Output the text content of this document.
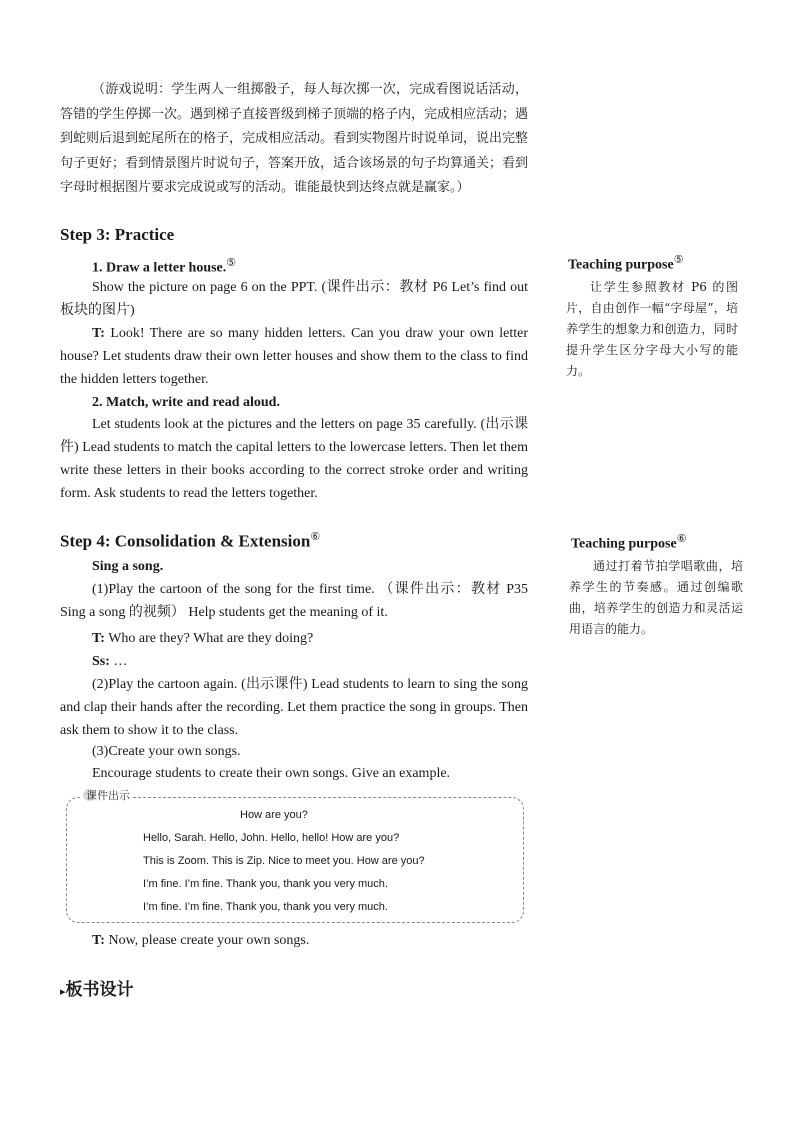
（游戏说明：学生两人一组掷骰子，每人每次掷一次，完成看图说话活动，答错的学生停掷一次。遇到梯子直接晋级到梯子顶端的格子内，完成相应活动；遇到蛇则后退到蛇尾所在的格子，完成相应活动。看到实物图片时说单词，说出完整句子更好；看到情景图片时说句子，答案开放，适合该场景的句子均算通关；看到字母时根据图片要求完成说或写的活动。谁能最快到达终点就是赢家。）
Step 3: Practice
1. Draw a letter house.⑤
Show the picture on page 6 on the PPT. (课件出示：教材 P6 Let’s find out 板块的图片)
T: Look! There are so many hidden letters. Can you draw your own letter house? Let students draw their own letter houses and show them to the class to find the hidden letters together.
2. Match, write and read aloud.
Let students look at the pictures and the letters on page 35 carefully. (出示课件) Lead students to match the capital letters to the lowercase letters. Then let them write these letters in their books according to the correct stroke order and writing form. Ask students to read the letters together.
Teaching purpose⑤
让学生参照教材 P6 的图片，自由创作一幅“字母屋”，培养学生的想象力和创造力，同时提升学生区分字母大小写的能力。
Step 4: Consolidation & Extension⑥
Sing a song.
(1)Play the cartoon of the song for the first time. （课件出示：教材 P35 Sing a song 的视频） Help students get the meaning of it.
T: Who are they? What are they doing?
Ss: …
(2)Play the cartoon again. (出示课件) Lead students to learn to sing the song and clap their hands after the recording. Let them practice the song in groups. Then ask them to show it to the class.
(3)Create your own songs.
Encourage students to create their own songs. Give an example.
Teaching purpose⑥
通过打着节拍学唱歌曲，培养学生的节奏感。通过创编歌曲，培养学生的创造力和灵活运用语言的能力。
课件出示
How are you?
Hello, Sarah. Hello, John. Hello, hello! How are you?
This is Zoom. This is Zip. Nice to meet you. How are you?
I’m fine. I’m fine. Thank you, thank you very much.
I’m fine. I’m fine. Thank you, thank you very much.
T: Now, please create your own songs.
▸板书设计
